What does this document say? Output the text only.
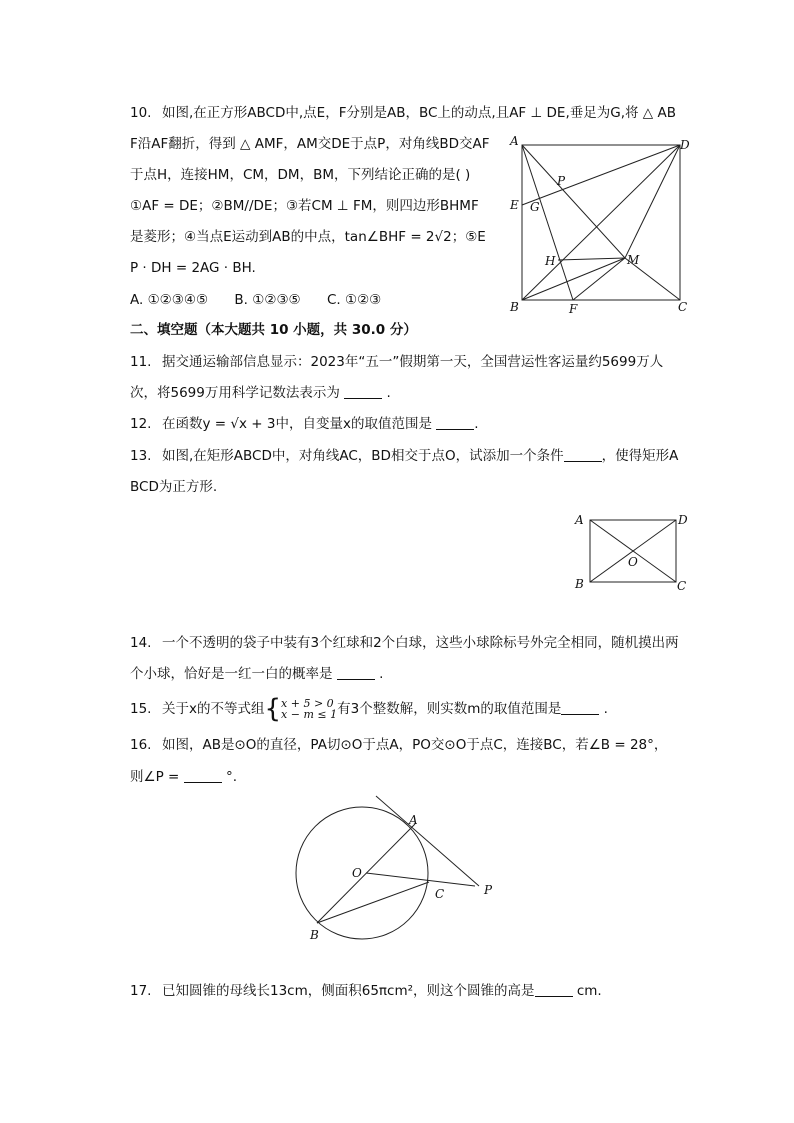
10. 如图,在正方形ABCD中,点E，F分别是AB，BC上的动点,且AF ⊥ DE,垂足为G,将 △ AB
F沿AF翻折，得到 △ AMF，AM交DE于点P，对角线BD交AF
于点H，连接HM，CM，DM，BM，下列结论正确的是( )
①AF = DE；②BM//DE；③若CM ⊥ FM，则四边形BHMF
是菱形；④当点E运动到AB的中点，tan∠BHF = 2√2；⑤E
P · DH = 2AG · BH.
A. ①②③④⑤ B. ①②③⑤ C. ①②③
A
B	C
D
E
F
G
H	M
P
二、填空题（本大题共 10 小题，共 30.0 分）
11. 据交通运输部信息显示：2023年“五一”假期第一天，全国营运性客运量约5699万人
次，将5699万用科学记数法表示为	.
12. 在函数y = √x + 3中，自变量x的取值范围是	.
13. 如图,在矩形ABCD中，对角线AC，BD相交于点O，试添加一个条件	，使得矩形A
BCD为正方形.
A	D
B	C
O
14. 一个不透明的袋子中装有3个红球和2个白球，这些小球除标号外完全相同，随机摸出两
个小球，恰好是一红一白的概率是	.
15. 关于x的不等式组{x + 5 > 0
x − m ≤ 1有3个整数解，则实数m的取值范围是	.
16. 如图，AB是⊙O的直径，PA切⊙O于点A，PO交⊙O于点C，连接BC，若∠B = 28°，
则∠P =	°.
A
O
C	P
B
17. 已知圆锥的母线长13cm，侧面积65πcm²，则这个圆锥的高是	cm.
